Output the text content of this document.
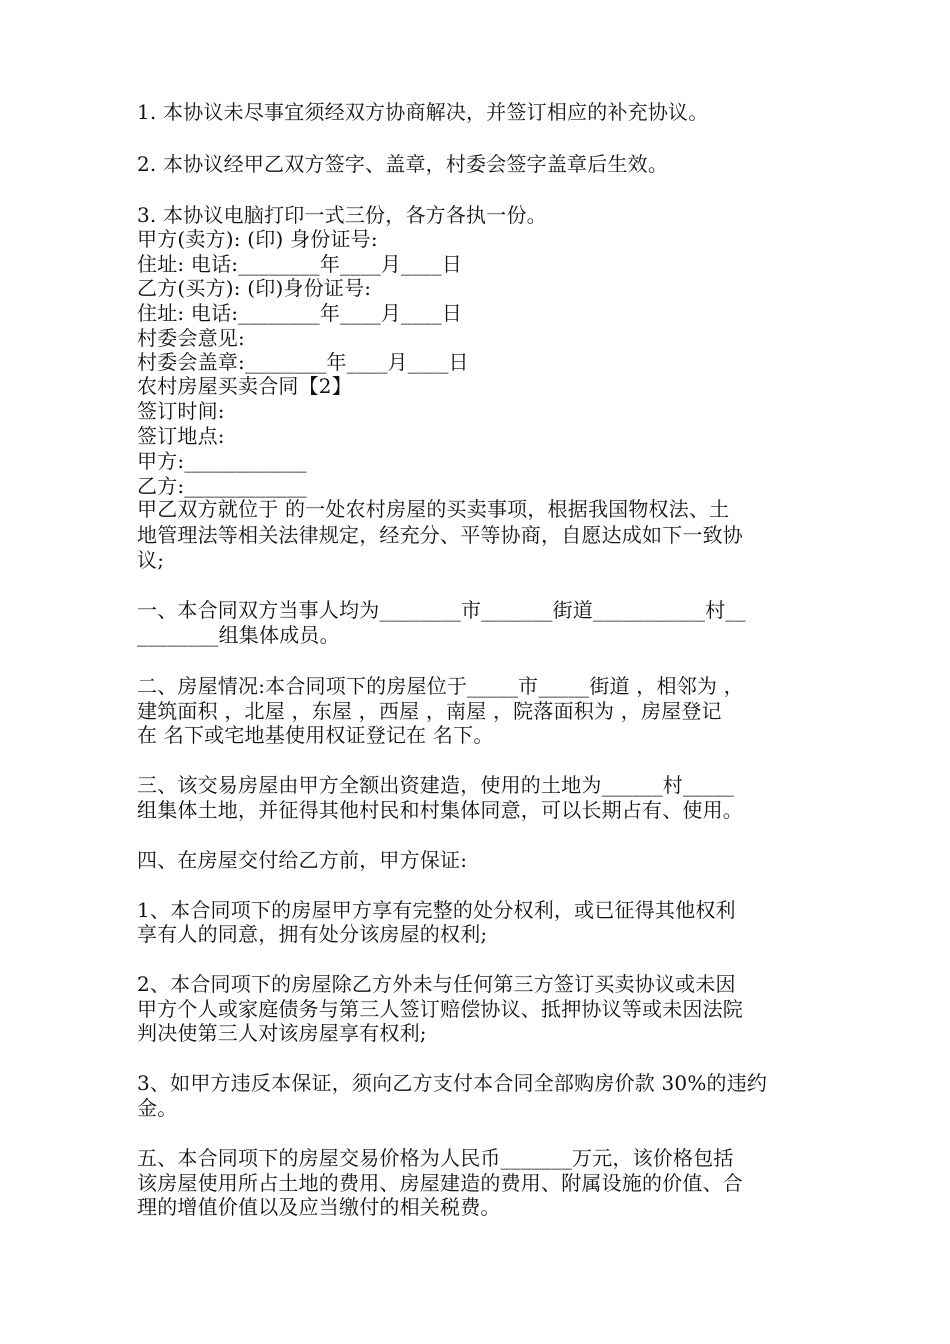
1. 本协议未尽事宜须经双方协商解决，并签订相应的补充协议。
2. 本协议经甲乙双方签字、盖章，村委会签字盖章后生效。
3. 本协议电脑打印一式三份，各方各执一份。
甲方(卖方): (印) 身份证号:
住址: 电话:________年____月____日
乙方(买方): (印)身份证号:
住址: 电话:________年____月____日
村委会意见:
村委会盖章:________年____月____日
农村房屋买卖合同【2】
签订时间:
签订地点:
甲方:____________
乙方:____________
甲乙双方就位于 的一处农村房屋的买卖事项，根据我国物权法、土
地管理法等相关法律规定，经充分、平等协商，自愿达成如下一致协
议;
一、本合同双方当事人均为________市_______街道___________村__
________组集体成员。
二、房屋情况:本合同项下的房屋位于_____市_____街道 ，相邻为 ，
建筑面积 ，北屋 ，东屋 ，西屋 ，南屋 ，院落面积为 ，房屋登记
在 名下或宅地基使用权证登记在 名下。
三、该交易房屋由甲方全额出资建造，使用的土地为______村_____
组集体土地，并征得其他村民和村集体同意，可以长期占有、使用。
四、在房屋交付给乙方前，甲方保证:
1、本合同项下的房屋甲方享有完整的处分权利，或已征得其他权利
享有人的同意，拥有处分该房屋的权利;
2、本合同项下的房屋除乙方外未与任何第三方签订买卖协议或未因
甲方个人或家庭债务与第三人签订赔偿协议、抵押协议等或未因法院
判决使第三人对该房屋享有权利;
3、如甲方违反本保证，须向乙方支付本合同全部购房价款 30%的违约
金。
五、本合同项下的房屋交易价格为人民币_______万元，该价格包括
该房屋使用所占土地的费用、房屋建造的费用、附属设施的价值、合
理的增值价值以及应当缴付的相关税费。
